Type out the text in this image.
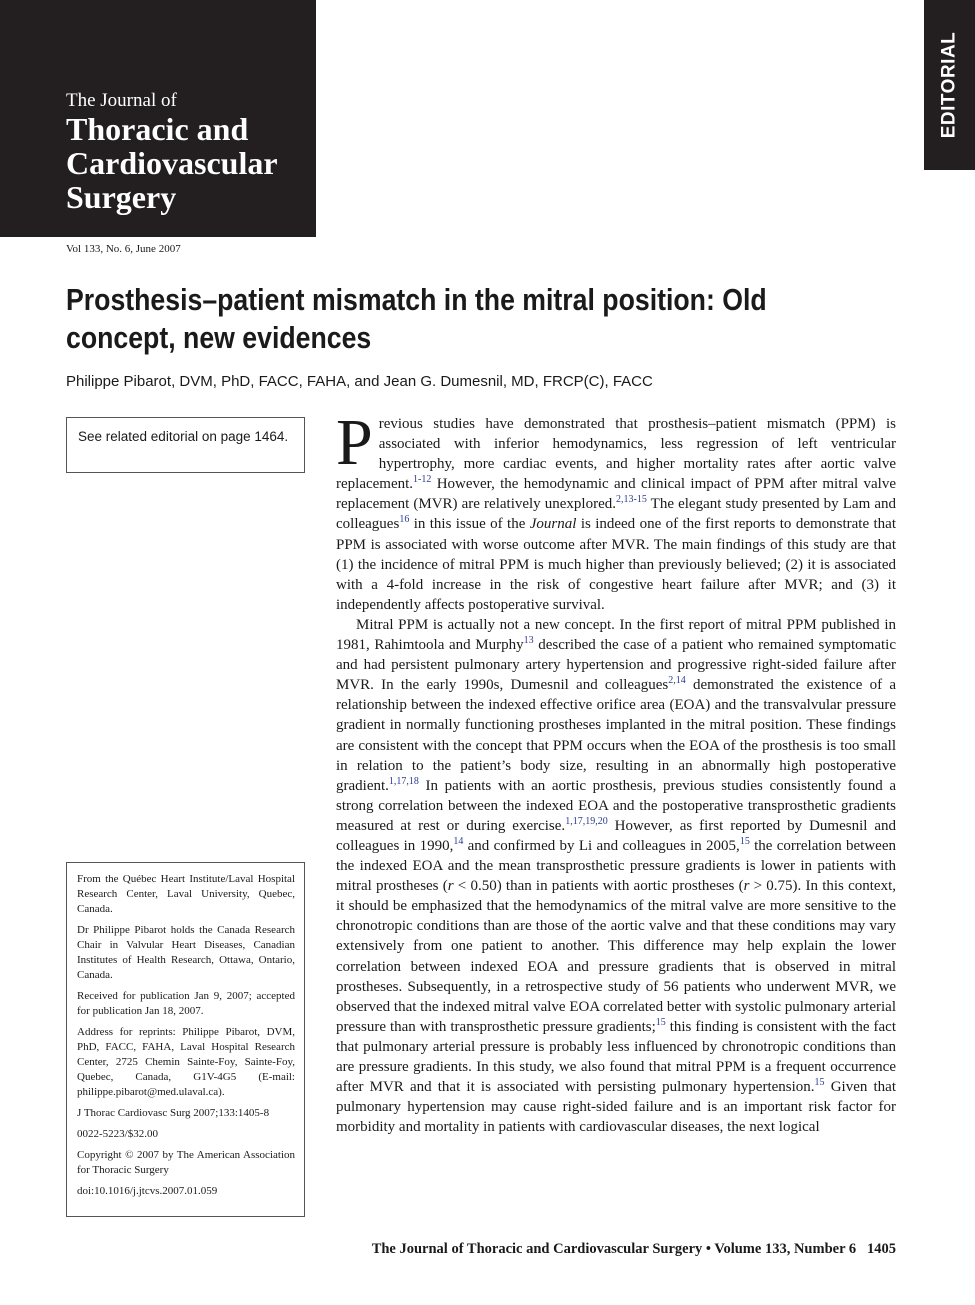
The Journal of
Thoracic and
Cardiovascular
Surgery
EDITORIAL
Vol 133, No. 6, June 2007
Prosthesis–patient mismatch in the mitral position: Old concept, new evidences
Philippe Pibarot, DVM, PhD, FACC, FAHA, and Jean G. Dumesnil, MD, FRCP(C), FACC
See related editorial on page 1464.

From the Québec Heart Institute/Laval Hospital Research Center, Laval University, Quebec, Canada.

Dr Philippe Pibarot holds the Canada Research Chair in Valvular Heart Diseases, Canadian Institutes of Health Research, Ottawa, Ontario, Canada.

Received for publication Jan 9, 2007; accepted for publication Jan 18, 2007.

Address for reprints: Philippe Pibarot, DVM, PhD, FACC, FAHA, Laval Hospital Research Center, 2725 Chemin Sainte-Foy, Sainte-Foy, Quebec, Canada, G1V-4G5 (E-mail: philippe.pibarot@med.ulaval.ca).

J Thorac Cardiovasc Surg 2007;133:1405-8

0022-5223/$32.00

Copyright © 2007 by The American Association for Thoracic Surgery

doi:10.1016/j.jtcvs.2007.01.059

Previous studies have demonstrated that prosthesis–patient mismatch (PPM) is associated with inferior hemodynamics, less regression of left ventricular hypertrophy, more cardiac events, and higher mortality rates after aortic valve replacement.$^{1-12}$ However, the hemodynamic and clinical impact of PPM after mitral valve replacement (MVR) are relatively unexplored.$^{2,13-15}$ The elegant study presented by Lam and colleagues$^{16}$ in this issue of the Journal is indeed one of the first reports to demonstrate that PPM is associated with worse outcome after MVR. The main findings of this study are that (1) the incidence of mitral PPM is much higher than previously believed; (2) it is associated with a 4-fold increase in the risk of congestive heart failure after MVR; and (3) it independently affects postoperative survival.

Mitral PPM is actually not a new concept. In the first report of mitral PPM published in 1981, Rahimtoola and Murphy$^{13}$ described the case of a patient who remained symptomatic and had persistent pulmonary artery hypertension and progressive right-sided failure after MVR. In the early 1990s, Dumesnil and colleagues$^{2,14}$ demonstrated the existence of a relationship between the indexed effective orifice area (EOA) and the transvalvular pressure gradient in normally functioning prostheses implanted in the mitral position. These findings are consistent with the concept that PPM occurs when the EOA of the prosthesis is too small in relation to the patient’s body size, resulting in an abnormally high postoperative gradient.$^{1,17,18}$ In patients with an aortic prosthesis, previous studies consistently found a strong correlation between the indexed EOA and the postoperative transprosthetic gradients measured at rest or during exercise.$^{1,17,19,20}$ However, as first reported by Dumesnil and colleagues in 1990,14 and confirmed by Li and colleagues in 2005,15 the correlation between the indexed EOA and the mean transprosthetic pressure gradients is lower in patients with mitral prostheses (r < 0.50) than in patients with aortic prostheses (r > 0.75). In this context, it should be emphasized that the hemodynamics of the mitral valve are more sensitive to the chronotropic conditions than are those of the aortic valve and that these conditions may vary extensively from one patient to another. This difference may help explain the lower correlation between indexed EOA and pressure gradients that is observed in mitral prostheses. Subsequently, in a retrospective study of 56 patients who underwent MVR, we observed that the indexed mitral valve EOA correlated better with systolic pulmonary arterial pressure than with transprosthetic pressure gradients;$^{15}$ this finding is consistent with the fact that pulmonary arterial pressure is probably less influenced by chronotropic conditions than are pressure gradients. In this study, we also found that mitral PPM is a frequent occurrence after MVR and that it is associated with persisting pulmonary hypertension.$^{15}$ Given that pulmonary hypertension may cause right-sided failure and is an important risk factor for morbidity and mortality in patients with cardiovascular diseases, the next logical

The Journal of Thoracic and Cardiovascular Surgery • Volume 133, Number 6 1405
